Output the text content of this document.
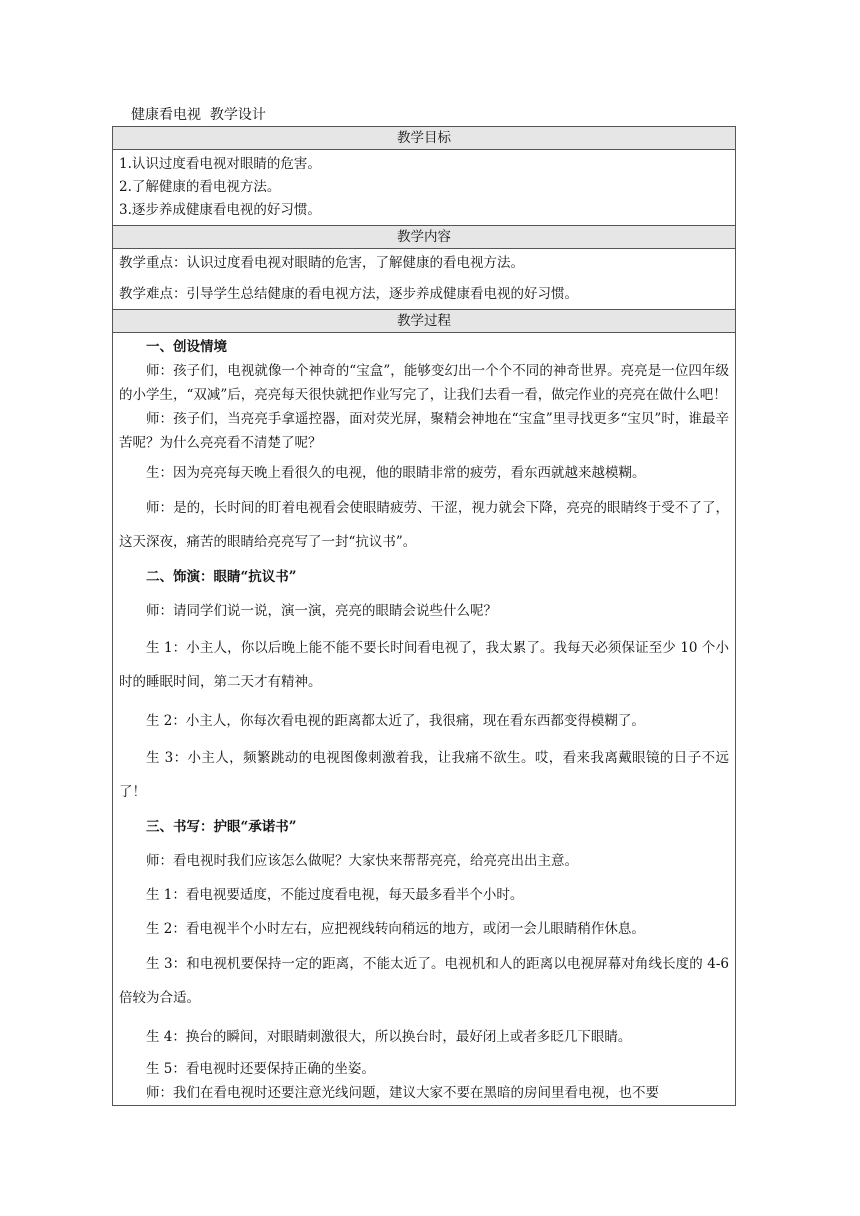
健康看电视  教学设计
教学目标
1.认识过度看电视对眼睛的危害。
2.了解健康的看电视方法。
3.逐步养成健康看电视的好习惯。
教学内容

教学重点：认识过度看电视对眼睛的危害，了解健康的看电视方法。

教学难点：引导学生总结健康的看电视方法，逐步养成健康看电视的好习惯。

教学过程

一、创设情境

师：孩子们，电视就像一个神奇的“宝盒”，能够变幻出一个个不同的神奇世界。亮亮是一位四年级的小学生，“双减”后，亮亮每天很快就把作业写完了，让我们去看一看，做完作业的亮亮在做什么吧！

师：孩子们，当亮亮手拿遥控器，面对荧光屏，聚精会神地在“宝盒”里寻找更多“宝贝”时，谁最辛苦呢？为什么亮亮看不清楚了呢？

生：因为亮亮每天晚上看很久的电视，他的眼睛非常的疲劳，看东西就越来越模糊。

师：是的，长时间的盯着电视看会使眼睛疲劳、干涩，视力就会下降，亮亮的眼睛终于受不了了，这天深夜，痛苦的眼睛给亮亮写了一封“抗议书”。

二、饰演：眼睛“抗议书”

师：请同学们说一说，演一演，亮亮的眼睛会说些什么呢？

生 1：小主人，你以后晚上能不能不要长时间看电视了，我太累了。我每天必须保证至少 10 个小时的睡眠时间，第二天才有精神。

生 2：小主人，你每次看电视的距离都太近了，我很痛，现在看东西都变得模糊了。

生 3：小主人，频繁跳动的电视图像刺激着我，让我痛不欲生。哎，看来我离戴眼镜的日子不远了！

三、书写：护眼“承诺书”

师：看电视时我们应该怎么做呢？大家快来帮帮亮亮，给亮亮出出主意。

生 1：看电视要适度，不能过度看电视，每天最多看半个小时。

生 2：看电视半个小时左右，应把视线转向稍远的地方，或闭一会儿眼睛稍作休息。

生 3：和电视机要保持一定的距离，不能太近了。电视机和人的距离以电视屏幕对角线长度的 4-6 倍较为合适。

生 4：换台的瞬间，对眼睛刺激很大，所以换台时，最好闭上或者多眨几下眼睛。

生 5：看电视时还要保持正确的坐姿。

师：我们在看电视时还要注意光线问题，建议大家不要在黑暗的房间里看电视，也不要
